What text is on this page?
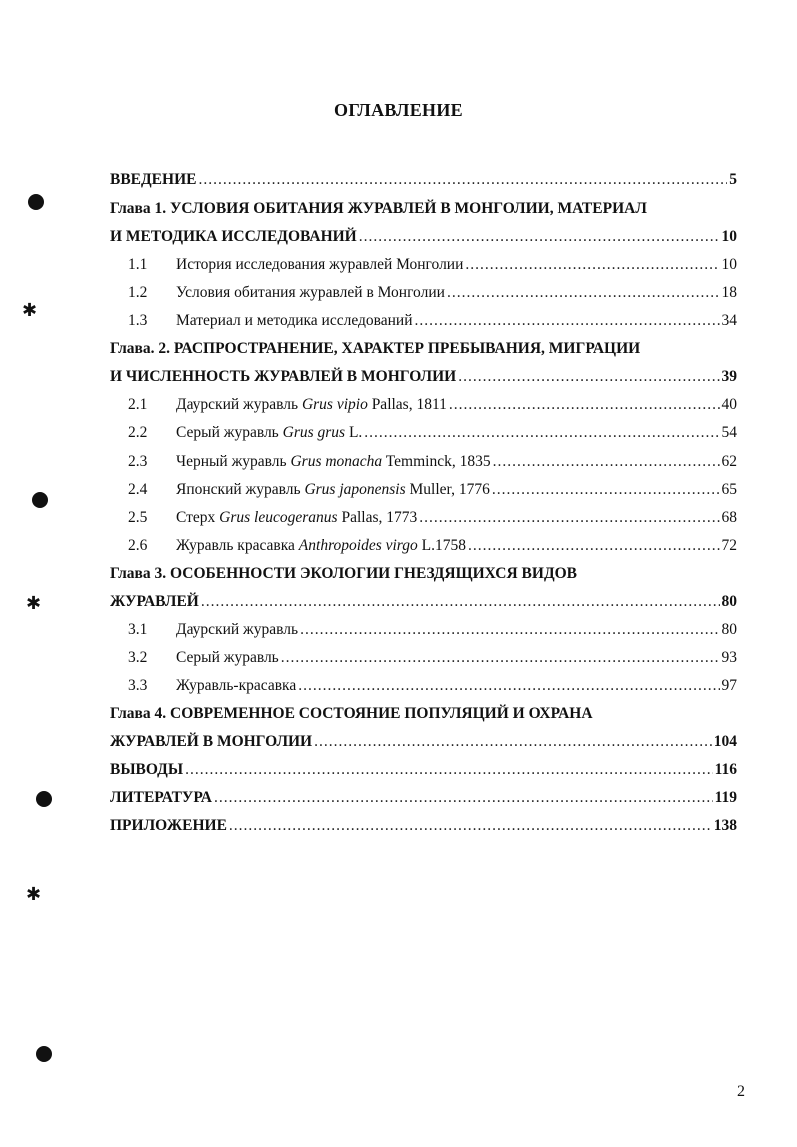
ОГЛАВЛЕНИЕ
✱
✱
✱
ВВЕДЕНИЕ .....	5
Глава 1. УСЛОВИЯ ОБИТАНИЯ ЖУРАВЛЕЙ В МОНГОЛИИ, МАТЕРИАЛ
И МЕТОДИКА ИССЛЕДОВАНИЙ .....	10
1.1	История исследования журавлей Монголии .....	10
1.2	Условия обитания журавлей в Монголии .....	18
1.3	Материал и методика исследований .....	34
Глава. 2. РАСПРОСТРАНЕНИЕ, ХАРАКТЕР ПРЕБЫВАНИЯ, МИГРАЦИИ
И ЧИСЛЕННОСТЬ ЖУРАВЛЕЙ В МОНГОЛИИ .....	39
2.1	Даурский журавль Grus vipio Pallas, 1811 .....	40
2.2	Серый журавль Grus grus L. .....	54
2.3	Черный журавль Grus monacha Temminck, 1835 .....	62
2.4	Японский журавль Grus japonensis Muller, 1776 .....	65
2.5	Стерх Grus leucogeranus Pallas, 1773 .....	68
2.6	Журавль красавка Anthropoides virgo L.1758 .....	72
Глава 3. ОСОБЕННОСТИ ЭКОЛОГИИ ГНЕЗДЯЩИХСЯ ВИДОВ
ЖУРАВЛЕЙ .....	80
3.1	Даурский журавль .....	80
3.2	Серый журавль .....	93
3.3	Журавль-красавка .....	97
Глава 4. СОВРЕМЕННОЕ СОСТОЯНИЕ ПОПУЛЯЦИЙ И ОХРАНА
ЖУРАВЛЕЙ В МОНГОЛИИ .....	104
ВЫВОДЫ .....	116
ЛИТЕРАТУРА .....	119
ПРИЛОЖЕНИЕ .....	138
2
